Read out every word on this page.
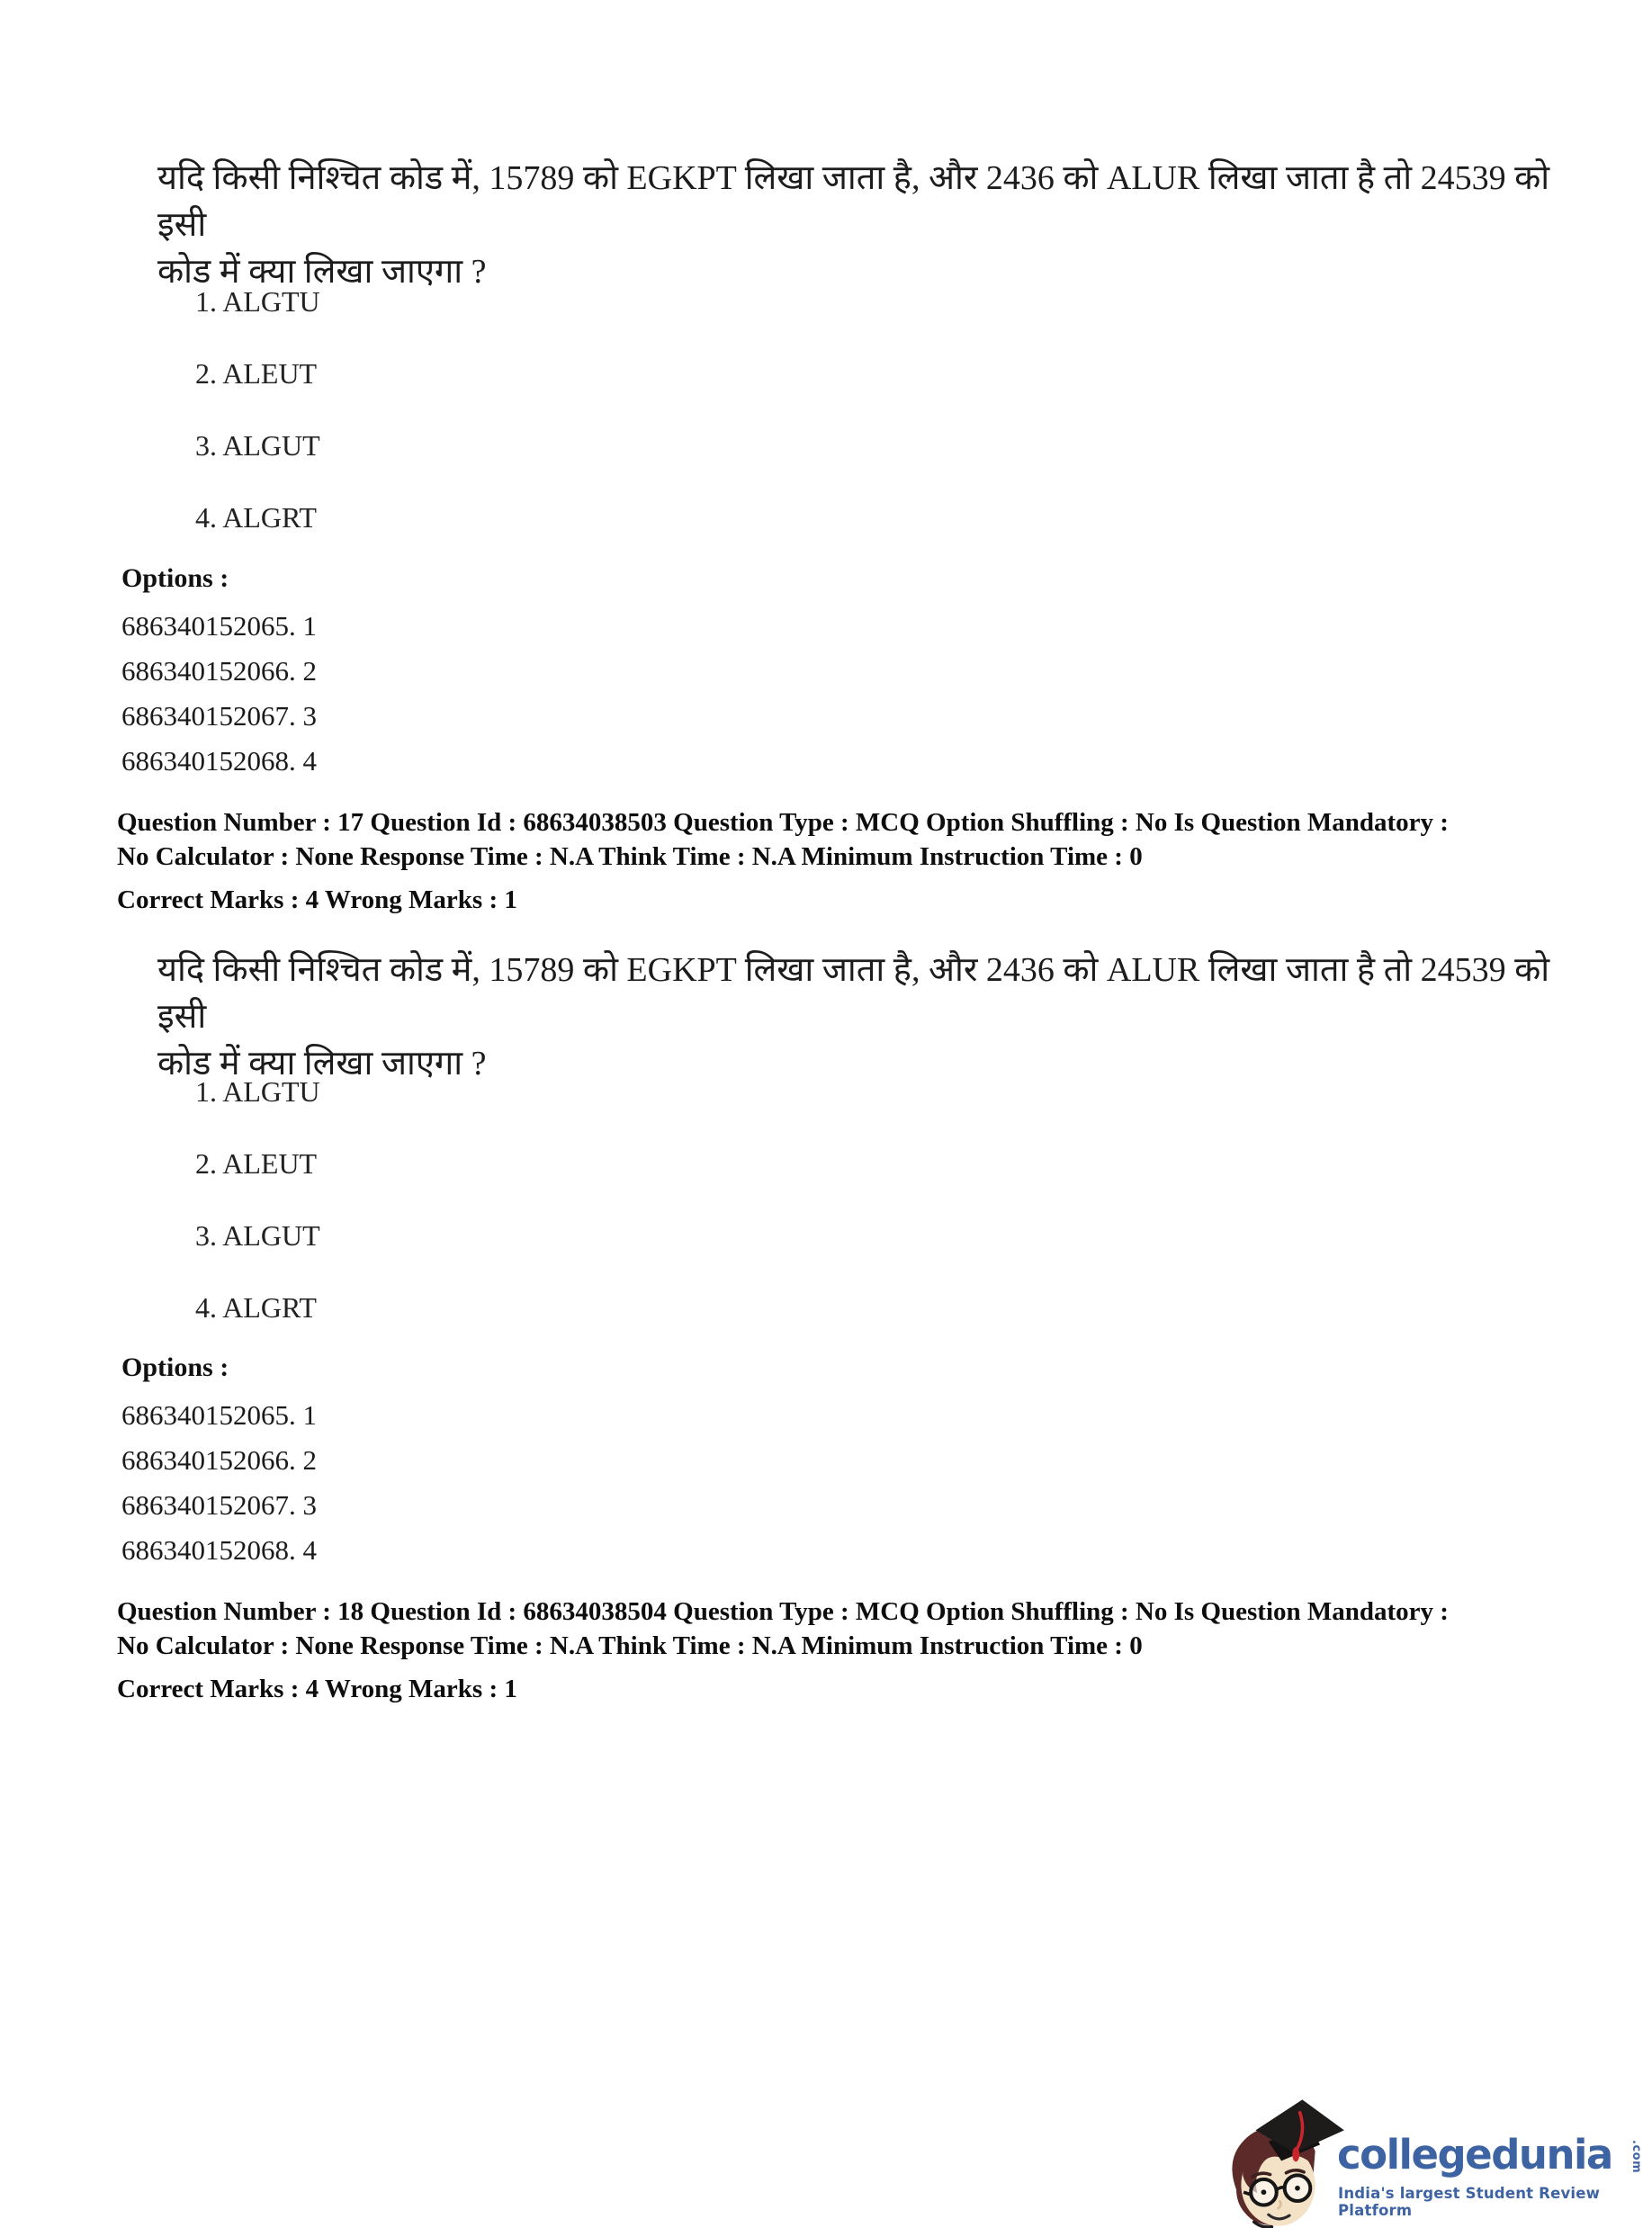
यदि किसी निश्चित कोड में, 15789 को EGKPT लिखा जाता है, और 2436 को ALUR लिखा जाता है तो 24539 को इसी
कोड में क्या लिखा जाएगा ?
1. ALGTU
2. ALEUT
3. ALGUT
4. ALGRT
Options :
686340152065. 1
686340152066. 2
686340152067. 3
686340152068. 4
Question Number : 17 Question Id : 68634038503 Question Type : MCQ Option Shuffling : No Is Question Mandatory :
No Calculator : None Response Time : N.A Think Time : N.A Minimum Instruction Time : 0
Correct Marks : 4 Wrong Marks : 1
यदि किसी निश्चित कोड में, 15789 को EGKPT लिखा जाता है, और 2436 को ALUR लिखा जाता है तो 24539 को इसी
कोड में क्या लिखा जाएगा ?
1. ALGTU
2. ALEUT
3. ALGUT
4. ALGRT
Options :
686340152065. 1
686340152066. 2
686340152067. 3
686340152068. 4
Question Number : 18 Question Id : 68634038504 Question Type : MCQ Option Shuffling : No Is Question Mandatory :
No Calculator : None Response Time : N.A Think Time : N.A Minimum Instruction Time : 0
Correct Marks : 4 Wrong Marks : 1
collegedunia .com
India's largest Student Review Platform
